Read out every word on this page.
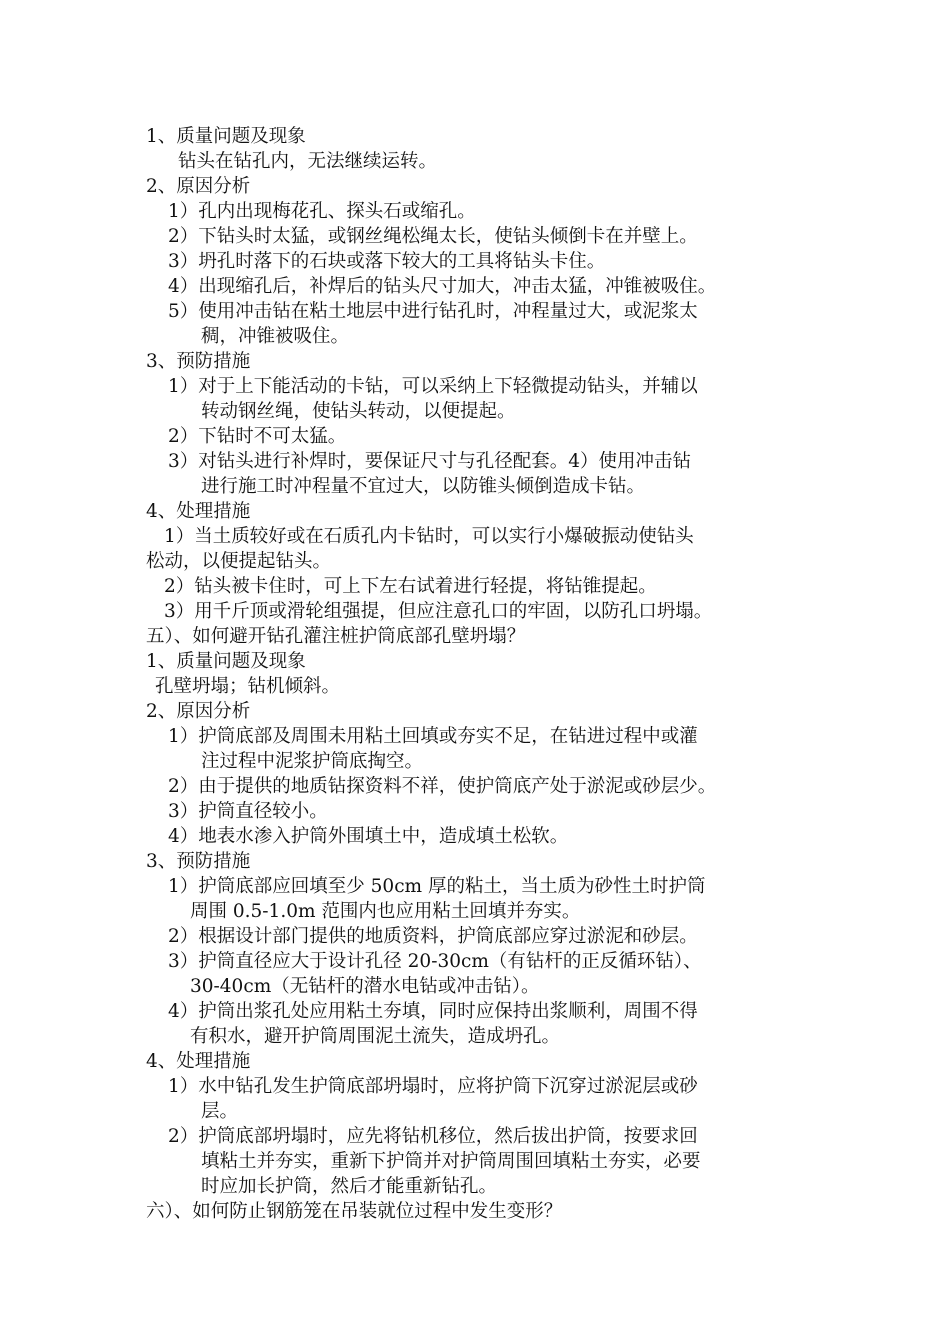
1、质量问题及现象
钻头在钻孔内，无法继续运转。
2、原因分析
1）孔内出现梅花孔、探头石或缩孔。
2）下钻头时太猛，或钢丝绳松绳太长，使钻头倾倒卡在并壁上。
3）坍孔时落下的石块或落下较大的工具将钻头卡住。
4）出现缩孔后，补焊后的钻头尺寸加大，冲击太猛，冲锥被吸住。
5）使用冲击钻在粘土地层中进行钻孔时，冲程量过大，或泥浆太
稠，冲锥被吸住。
3、预防措施
1）对于上下能活动的卡钻，可以采纳上下轻微提动钻头，并辅以
转动钢丝绳，使钻头转动，以便提起。
2）下钻时不可太猛。
3）对钻头进行补焊时，要保证尺寸与孔径配套。4）使用冲击钻
进行施工时冲程量不宜过大，以防锥头倾倒造成卡钻。
4、处理措施
1）当土质较好或在石质孔内卡钻时，可以实行小爆破振动使钻头
松动，以便提起钻头。
2）钻头被卡住时，可上下左右试着进行轻提，将钻锥提起。
3）用千斤顶或滑轮组强提，但应注意孔口的牢固，以防孔口坍塌。
五）、如何避开钻孔灌注桩护筒底部孔壁坍塌？
1、质量问题及现象
孔壁坍塌；钻机倾斜。
2、原因分析
1）护筒底部及周围未用粘土回填或夯实不足，在钻进过程中或灌
注过程中泥浆护筒底掏空。
2）由于提供的地质钻探资料不祥，使护筒底产处于淤泥或砂层少。
3）护筒直径较小。
4）地表水渗入护筒外围填土中，造成填土松软。
3、预防措施
1）护筒底部应回填至少 50cm 厚的粘土，当土质为砂性土时护筒
周围 0.5-1.0m 范围内也应用粘土回填并夯实。
2）根据设计部门提供的地质资料，护筒底部应穿过淤泥和砂层。
3）护筒直径应大于设计孔径 20-30cm（有钻杆的正反循环钻）、
30-40cm（无钻杆的潜水电钻或冲击钻）。
4）护筒出浆孔处应用粘土夯填，同时应保持出浆顺利，周围不得
有积水，避开护筒周围泥土流失，造成坍孔。
4、处理措施
1）水中钻孔发生护筒底部坍塌时，应将护筒下沉穿过淤泥层或砂
层。
2）护筒底部坍塌时，应先将钻机移位，然后拔出护筒，按要求回
填粘土并夯实，重新下护筒并对护筒周围回填粘土夯实，必要
时应加长护筒，然后才能重新钻孔。
六）、如何防止钢筋笼在吊装就位过程中发生变形？
